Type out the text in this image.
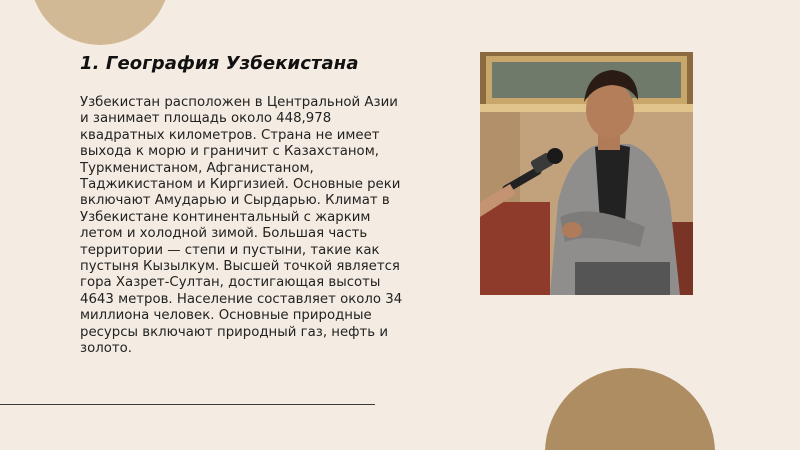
1. География Узбекистана

Узбекистан расположен в Центральной Азии и занимает площадь около 448,978 квадратных километров. Страна не имеет выхода к морю и граничит с Казахстаном, Туркменистаном, Афганистаном, Таджикистаном и Киргизией. Основные реки включают Амударью и Сырдарью. Климат в Узбекистане континентальный с жарким летом и холодной зимой. Большая часть территории — степи и пустыни, такие как пустыня Кызылкум. Высшей точкой является гора Хазрет-Султан, достигающая высоты 4643 метров. Население составляет около 34 миллиона человек. Основные природные ресурсы включают природный газ, нефть и золото.
